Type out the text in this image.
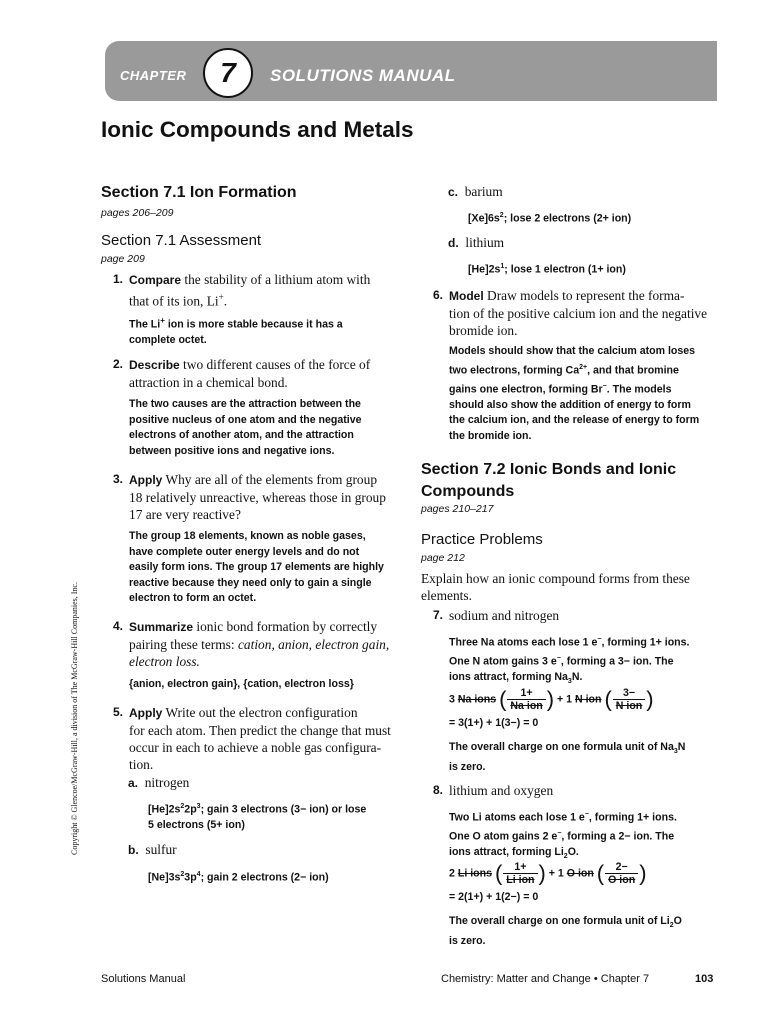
CHAPTER	7	SOLUTIONS MANUAL
Ionic Compounds and Metals
Copyright © Glencoe/McGraw-Hill, a division of The McGraw-Hill Companies, Inc.
Section 7.1 Ion Formation
pages 206–209
Section 7.1 Assessment
page 209
1. Compare the stability of a lithium atom with
that of its ion, Li+.
The Li+ ion is more stable because it has a
complete octet.
2. Describe two different causes of the force of
attraction in a chemical bond.
The two causes are the attraction between the
positive nucleus of one atom and the negative
electrons of another atom, and the attraction
between positive ions and negative ions.
3. Apply Why are all of the elements from group
18 relatively unreactive, whereas those in group
17 are very reactive?
The group 18 elements, known as noble gases,
have complete outer energy levels and do not
easily form ions. The group 17 elements are highly
reactive because they need only to gain a single
electron to form an octet.
4. Summarize ionic bond formation by correctly
pairing these terms: cation, anion, electron gain,
electron loss.
{anion, electron gain}, {cation, electron loss}
5. Apply Write out the electron configuration
for each atom. Then predict the change that must
occur in each to achieve a noble gas configura-
tion.
a. nitrogen
$[He]2s^22p^3$; gain 3 electrons (3− ion) or lose
5 electrons (5+ ion)
b. sulfur
$[Ne]3s^23p^4$; gain 2 electrons (2− ion)
c. barium
$[Xe]6s^2$; lose 2 electrons (2+ ion)
d. lithium
$[He]2s^1$; lose 1 electron (1+ ion)
6. Model Draw models to represent the forma-
tion of the positive calcium ion and the negative
bromide ion.
Models should show that the calcium atom loses
two electrons, forming $Ca^{2+}$, and that bromine
gains one electron, forming Br−. The models
should also show the addition of energy to form
the calcium ion, and the release of energy to form
the bromide ion.
Section 7.2 Ionic Bonds and Ionic
Compounds
pages 210–217
Practice Problems
page 212
Explain how an ionic compound forms from these
elements.
7. sodium and nitrogen
Three Na atoms each lose 1 e−, forming 1+ ions.
One N atom gains 3 e−, forming a 3− ion. The
ions attract, forming $Na_3N$.
3 Na ions ( $\frac{1+}{\text{Na ion}}$ ) + 1 N ion ( $\frac{3-}{\text{N ion}}$ )
= 3(1+) + 1(3−) = 0
The overall charge on one formula unit of $Na_3N$
is zero.
8. lithium and oxygen
Two Li atoms each lose 1 e−, forming 1+ ions.
One O atom gains 2 e−, forming a 2− ion. The
ions attract, forming $Li_2O$.
2 Li ions ( $\frac{1+}{\text{Li ion}}$ ) + 1 O ion ( $\frac{2-}{\text{O ion}}$ )
= 2(1+) + 1(2−) = 0
The overall charge on one formula unit of $Li_2O$
is zero.
Solutions Manual	Chemistry: Matter and Change • Chapter 7	103
